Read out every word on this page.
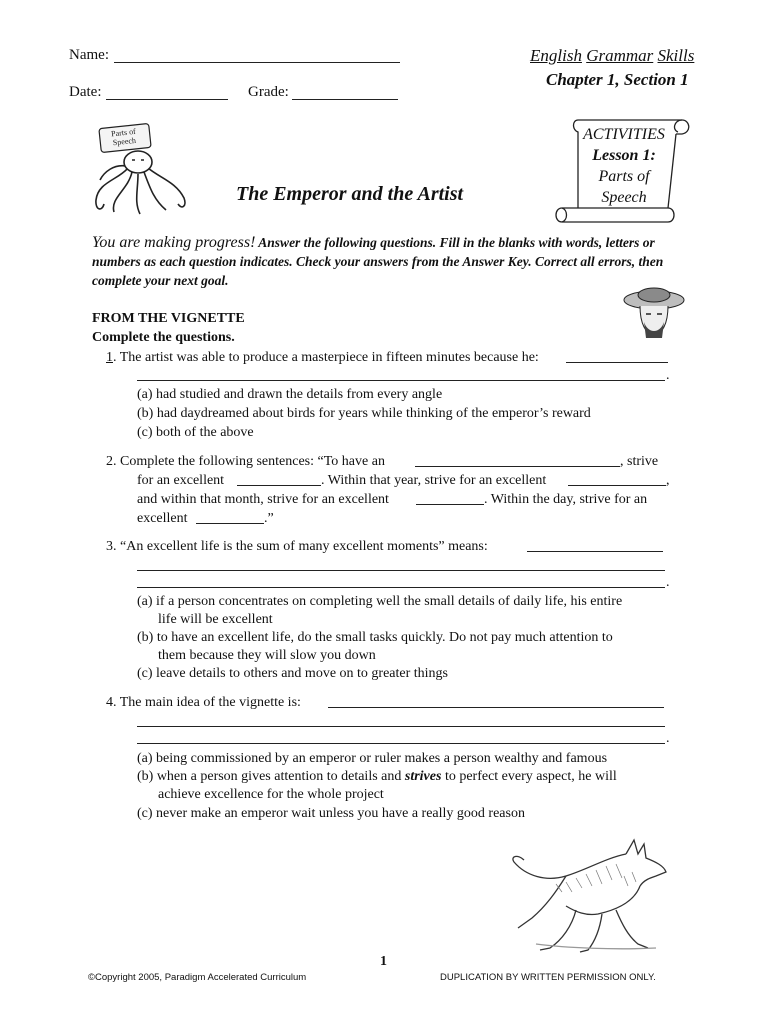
Name:
Date:	Grade:
English Grammar Skills
Chapter 1, Section 1
Parts of
Speech
The Emperor and the Artist
ACTIVITIES
Lesson 1:
Parts of
Speech
You are making progress! Answer the following questions. Fill in the blanks with words, letters or numbers as each question indicates. Check your answers from the Answer Key. Correct all errors, then complete your next goal.
FROM THE VIGNETTE
Complete the questions.
1. The artist was able to produce a masterpiece in fifteen minutes because he:
.
(a) had studied and drawn the details from every angle
(b) had daydreamed about birds for years while thinking of the emperor’s reward
(c) both of the above
2. Complete the following sentences: “To have an	, strive
for an excellent	. Within that year, strive for an excellent	,
and within that month, strive for an excellent	. Within the day, strive for an
excellent	.”
3. “An excellent life is the sum of many excellent moments” means:
.
(a) if a person concentrates on completing well the small details of daily life, his entire
life will be excellent
(b) to have an excellent life, do the small tasks quickly. Do not pay much attention to
them because they will slow you down
(c) leave details to others and move on to greater things
4. The main idea of the vignette is:
.
(a) being commissioned by an emperor or ruler makes a person wealthy and famous
(b) when a person gives attention to details and strives to perfect every aspect, he will
achieve excellence for the whole project
(c) never make an emperor wait unless you have a really good reason
1
©Copyright 2005, Paradigm Accelerated Curriculum	DUPLICATION BY WRITTEN PERMISSION ONLY.
